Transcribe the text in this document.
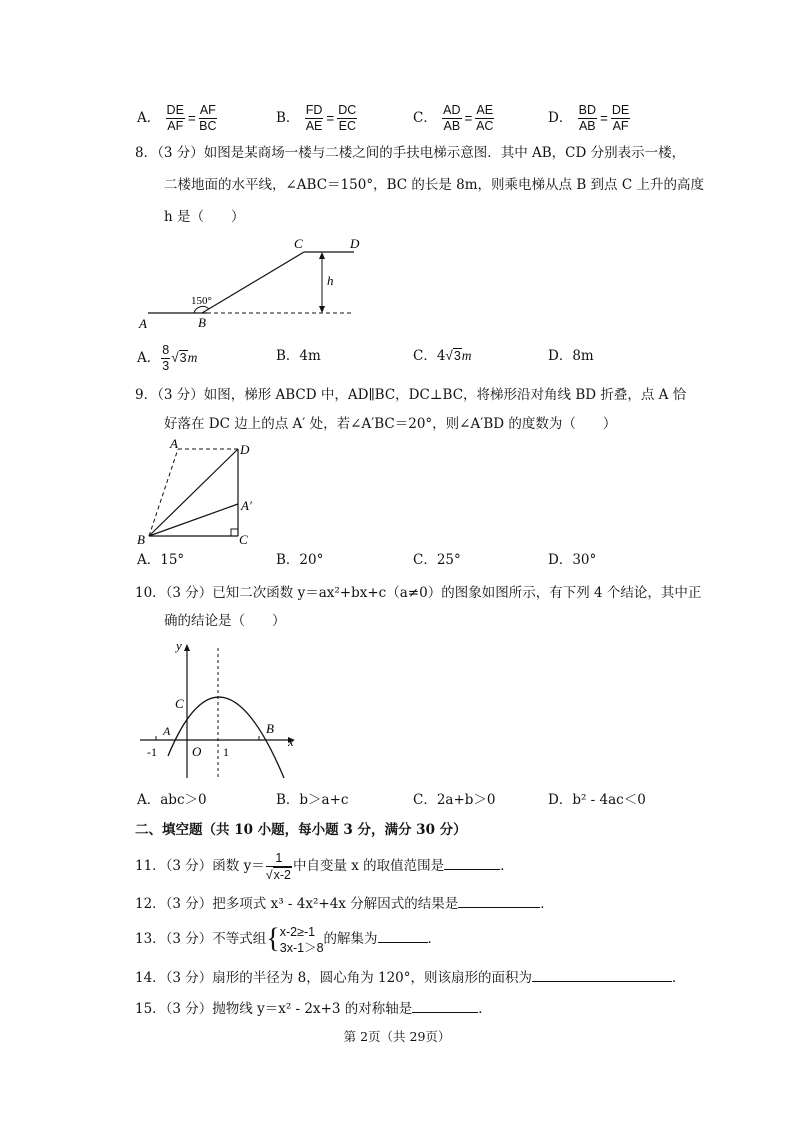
A． $\frac{DE}{AF} = \frac{AF}{BC}$	B． $\frac{FD}{AE} = \frac{DC}{EC}$	C． $\frac{AD}{AB} = \frac{AE}{AC}$	D． $\frac{BD}{AB} = \frac{DE}{AF}$
8．（3 分）如图是某商场一楼与二楼之间的手扶电梯示意图．其中 AB，CD 分别表示一楼，
二楼地面的水平线，∠ABC＝150°，BC 的长是 8m，则乘电梯从点 B 到点 C 上升的高度
h 是（　　）
A	B
C	D
h
150°
A． $\frac{8}{3} √3m$	B．4m	C．4√3m	D．8m
9．（3 分）如图，梯形 ABCD 中，AD∥BC，DC⊥BC，将梯形沿对角线 BD 折叠，点 A 恰
好落在 DC 边上的点 A′ 处，若∠A′BC＝20°，则∠A′BD 的度数为（　　）
A	D
A′
B	C
A．15°	B．20°	C．25°	D．30°
10．（3 分）已知二次函数 y＝ax²+bx+c（a≠0）的图象如图所示，有下列 4 个结论，其中正
确的结论是（　　）
y
x
C
A	B
O
-1	1
A．abc＞0	B．b＞a+c	C．2a+b＞0	D．b² - 4ac＜0
二、填空题（共 10 小题，每小题 3 分，满分 30 分）
11．（3 分）函数 $y= \frac{1}{√x-2}$ 中自变量 x 的取值范围是	．
12．（3 分）把多项式 x³ - 4x²+4x 分解因式的结果是	．
13．（3 分）不等式组{ x-2≥-1
3x-1＞8
的解集为	．
14．（3 分）扇形的半径为 8，圆心角为 120°，则该扇形的面积为	．
15．（3 分）抛物线 y＝x² - 2x+3 的对称轴是	．
第 2页（共 29页）
